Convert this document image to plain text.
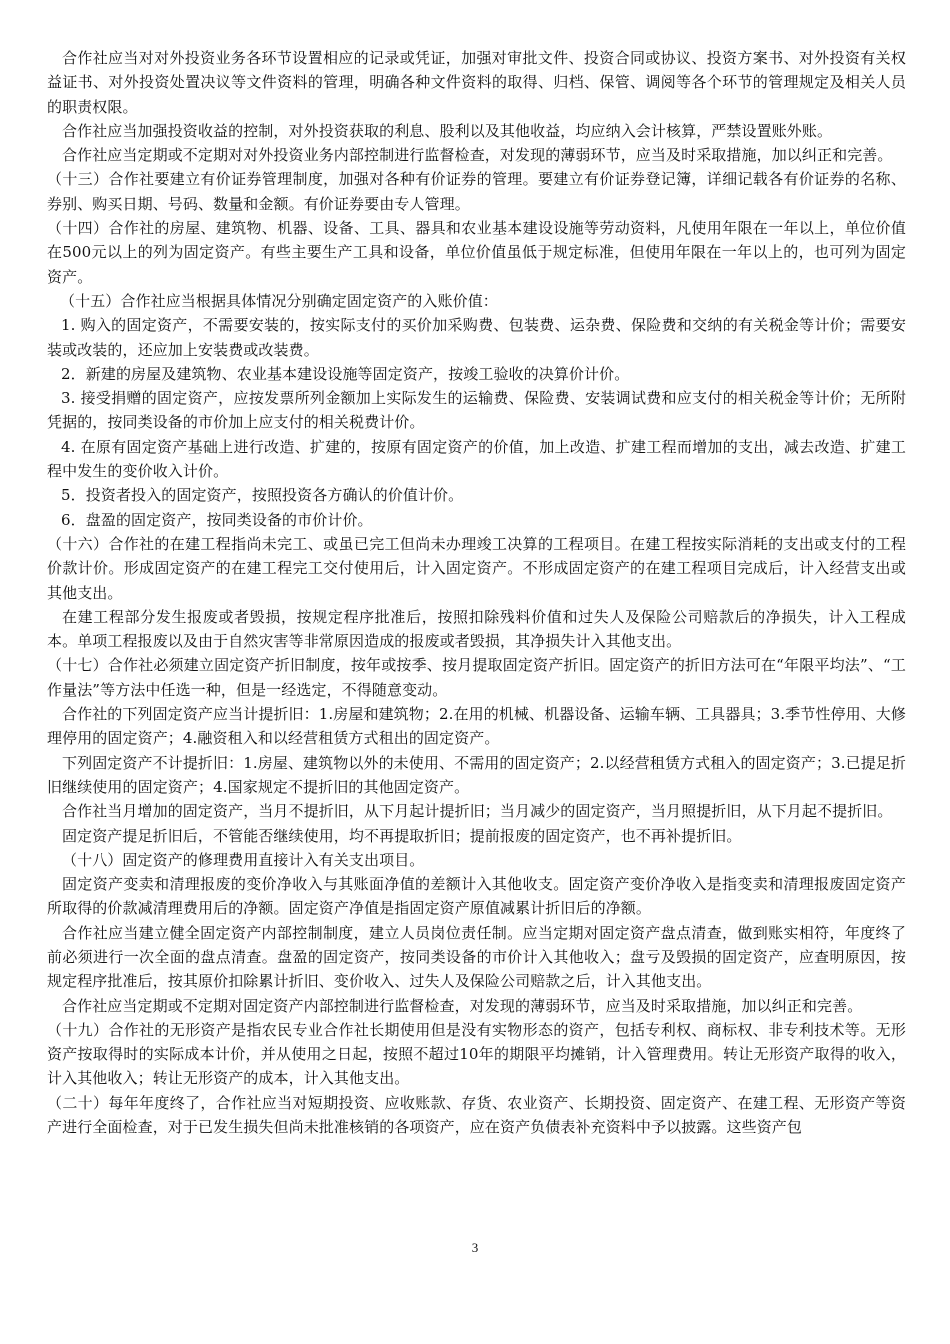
合作社应当对对外投资业务各环节设置相应的记录或凭证，加强对审批文件、投资合同或协议、投资方案书、对外投资有关权益证书、对外投资处置决议等文件资料的管理，明确各种文件资料的取得、归档、保管、调阅等各个环节的管理规定及相关人员的职责权限。

合作社应当加强投资收益的控制，对外投资获取的利息、股利以及其他收益，均应纳入会计核算，严禁设置账外账。

合作社应当定期或不定期对对外投资业务内部控制进行监督检查，对发现的薄弱环节，应当及时采取措施，加以纠正和完善。

（十三）合作社要建立有价证券管理制度，加强对各种有价证券的管理。要建立有价证券登记簿，详细记载各有价证券的名称、券别、购买日期、号码、数量和金额。有价证券要由专人管理。

（十四）合作社的房屋、建筑物、机器、设备、工具、器具和农业基本建设设施等劳动资料，凡使用年限在一年以上，单位价值在500元以上的列为固定资产。有些主要生产工具和设备，单位价值虽低于规定标准，但使用年限在一年以上的，也可列为固定资产。

（十五）合作社应当根据具体情况分别确定固定资产的入账价值：

1. 购入的固定资产，不需要安装的，按实际支付的买价加采购费、包装费、运杂费、保险费和交纳的有关税金等计价；需要安装或改装的，还应加上安装费或改装费。

2．新建的房屋及建筑物、农业基本建设设施等固定资产，按竣工验收的决算价计价。

3. 接受捐赠的固定资产，应按发票所列金额加上实际发生的运输费、保险费、安装调试费和应支付的相关税金等计价；无所附凭据的，按同类设备的市价加上应支付的相关税费计价。

4. 在原有固定资产基础上进行改造、扩建的，按原有固定资产的价值，加上改造、扩建工程而增加的支出，减去改造、扩建工程中发生的变价收入计价。

5．投资者投入的固定资产，按照投资各方确认的价值计价。

6．盘盈的固定资产，按同类设备的市价计价。

（十六）合作社的在建工程指尚未完工、或虽已完工但尚未办理竣工决算的工程项目。在建工程按实际消耗的支出或支付的工程价款计价。形成固定资产的在建工程完工交付使用后，计入固定资产。不形成固定资产的在建工程项目完成后，计入经营支出或其他支出。

在建工程部分发生报废或者毁损，按规定程序批准后，按照扣除残料价值和过失人及保险公司赔款后的净损失，计入工程成本。单项工程报废以及由于自然灾害等非常原因造成的报废或者毁损，其净损失计入其他支出。

（十七）合作社必须建立固定资产折旧制度，按年或按季、按月提取固定资产折旧。固定资产的折旧方法可在“年限平均法”、“工作量法”等方法中任选一种，但是一经选定，不得随意变动。

合作社的下列固定资产应当计提折旧：1.房屋和建筑物；2.在用的机械、机器设备、运输车辆、工具器具；3.季节性停用、大修理停用的固定资产；4.融资租入和以经营租赁方式租出的固定资产。

下列固定资产不计提折旧：1.房屋、建筑物以外的未使用、不需用的固定资产；2.以经营租赁方式租入的固定资产；3.已提足折旧继续使用的固定资产；4.国家规定不提折旧的其他固定资产。

合作社当月增加的固定资产，当月不提折旧，从下月起计提折旧；当月减少的固定资产，当月照提折旧，从下月起不提折旧。

固定资产提足折旧后，不管能否继续使用，均不再提取折旧；提前报废的固定资产，也不再补提折旧。

（十八）固定资产的修理费用直接计入有关支出项目。

固定资产变卖和清理报废的变价净收入与其账面净值的差额计入其他收支。固定资产变价净收入是指变卖和清理报废固定资产所取得的价款减清理费用后的净额。固定资产净值是指固定资产原值减累计折旧后的净额。

合作社应当建立健全固定资产内部控制制度，建立人员岗位责任制。应当定期对固定资产盘点清查，做到账实相符，年度终了前必须进行一次全面的盘点清查。盘盈的固定资产，按同类设备的市价计入其他收入；盘亏及毁损的固定资产，应查明原因，按规定程序批准后，按其原价扣除累计折旧、变价收入、过失人及保险公司赔款之后，计入其他支出。

合作社应当定期或不定期对固定资产内部控制进行监督检查，对发现的薄弱环节，应当及时采取措施，加以纠正和完善。

（十九）合作社的无形资产是指农民专业合作社长期使用但是没有实物形态的资产，包括专利权、商标权、非专利技术等。无形资产按取得时的实际成本计价，并从使用之日起，按照不超过10年的期限平均摊销，计入管理费用。转让无形资产取得的收入，计入其他收入；转让无形资产的成本，计入其他支出。

（二十）每年年度终了，合作社应当对短期投资、应收账款、存货、农业资产、长期投资、固定资产、在建工程、无形资产等资产进行全面检查，对于已发生损失但尚未批准核销的各项资产，应在资产负债表补充资料中予以披露。这些资产包

3
